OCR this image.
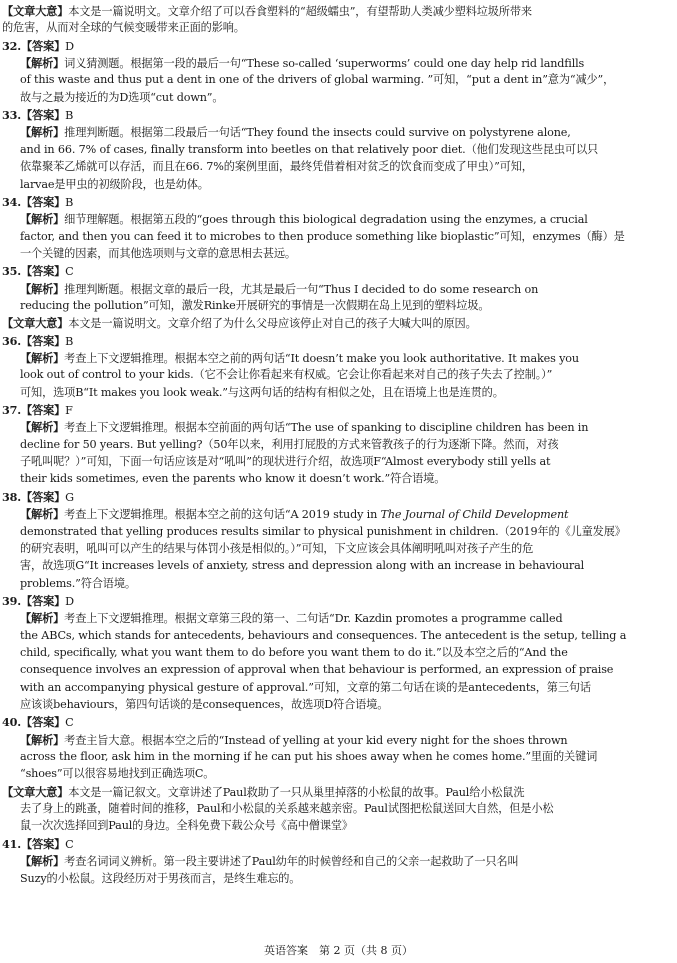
【文章大意】本文是一篇说明文。文章介绍了可以吞食塑料的“超级蠕虫”，有望帮助人类减少塑料垃圾所带来
的危害，从而对全球的气候变暖带来正面的影响。
32.【答案】D
【解析】词义猜测题。根据第一段的最后一句“These so-called ‘superworms’ could one day help rid landfills
of this waste and thus put a dent in one of the drivers of global warming. ”可知，“put a dent in”意为“减少”，
故与之最为接近的为D选项“cut down”。
33.【答案】B
【解析】推理判断题。根据第二段最后一句话“They found the insects could survive on polystyrene alone,
and in 66. 7% of cases, finally transform into beetles on that relatively poor diet.（他们发现这些昆虫可以只
依靠聚苯乙烯就可以存活，而且在66. 7%的案例里面，最终凭借着相对贫乏的饮食而变成了甲虫）”可知，
larvae是甲虫的初级阶段，也是幼体。
34.【答案】B
【解析】细节理解题。根据第五段的“goes through this biological degradation using the enzymes, a crucial
factor, and then you can feed it to microbes to then produce something like bioplastic”可知，enzymes（酶）是
一个关键的因素，而其他选项则与文章的意思相去甚远。
35.【答案】C
【解析】推理判断题。根据文章的最后一段，尤其是最后一句“Thus I decided to do some research on
reducing the pollution”可知，激发Rinke开展研究的事情是一次假期在岛上见到的塑料垃圾。
【文章大意】本文是一篇说明文。文章介绍了为什么父母应该停止对自己的孩子大喊大叫的原因。
36.【答案】B
【解析】考查上下文逻辑推理。根据本空之前的两句话“It doesn’t make you look authoritative. It makes you
look out of control to your kids.（它不会让你看起来有权威。它会让你看起来对自己的孩子失去了控制。）”
可知，选项B“It makes you look weak.”与这两句话的结构有相似之处，且在语境上也是连贯的。
37.【答案】F
【解析】考查上下文逻辑推理。根据本空前面的两句话“The use of spanking to discipline children has been in
decline for 50 years. But yelling?（50年以来，利用打屁股的方式来管教孩子的行为逐渐下降。然而，对孩
子吼叫呢？）”可知，下面一句话应该是对“吼叫”的现状进行介绍，故选项F“Almost everybody still yells at
their kids sometimes, even the parents who know it doesn’t work.”符合语境。
38.【答案】G
【解析】考查上下文逻辑推理。根据本空之前的这句话“A 2019 study in The Journal of Child Development
demonstrated that yelling produces results similar to physical punishment in children.（2019年的《儿童发展》
的研究表明，吼叫可以产生的结果与体罚小孩是相似的。）”可知，下文应该会具体阐明吼叫对孩子产生的危
害，故选项G“It increases levels of anxiety, stress and depression along with an increase in behavioural
problems.”符合语境。
39.【答案】D
【解析】考查上下文逻辑推理。根据文章第三段的第一、二句话“Dr. Kazdin promotes a programme called
the ABCs, which stands for antecedents, behaviours and consequences. The antecedent is the setup, telling a
child, specifically, what you want them to do before you want them to do it.”以及本空之后的“And the
consequence involves an expression of approval when that behaviour is performed, an expression of praise
with an accompanying physical gesture of approval.”可知，文章的第二句话在谈的是antecedents，第三句话
应该谈behaviours，第四句话谈的是consequences，故选项D符合语境。
40.【答案】C
【解析】考查主旨大意。根据本空之后的“Instead of yelling at your kid every night for the shoes thrown
across the floor, ask him in the morning if he can put his shoes away when he comes home.”里面的关键词
“shoes”可以很容易地找到正确选项C。
【文章大意】本文是一篇记叙文。文章讲述了Paul救助了一只从巢里掉落的小松鼠的故事。Paul给小松鼠洗
去了身上的跳蚤，随着时间的推移，Paul和小松鼠的关系越来越亲密。Paul试图把松鼠送回大自然，但是小松
鼠一次次选择回到Paul的身边。全科免费下载公众号《高中僧课堂》
41.【答案】C
【解析】考查名词词义辨析。第一段主要讲述了Paul幼年的时候曾经和自己的父亲一起救助了一只名叫
Suzy的小松鼠。这段经历对于男孩而言，是终生难忘的。
英语答案　第 2 页（共 8 页）
